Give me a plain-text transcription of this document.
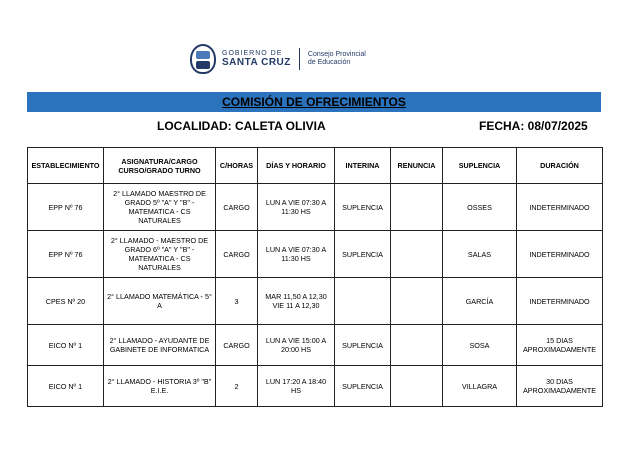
GOBIERNO DE
SANTA CRUZ
Consejo Provincial
de Educación
COMISIÓN DE OFRECIMIENTOS
LOCALIDAD: CALETA OLIVIA	FECHA: 08/07/2025
ESTABLECIMIENTO	ASIGNATURA/CARGO CURSO/GRADO TURNO	C/HORAS	DÍAS Y HORARIO	INTERINA	RENUNCIA	SUPLENCIA	DURACIÓN
EPP Nº 76	2° LLAMADO MAESTRO DE GRADO 5º "A" Y "B" - MATEMATICA - CS NATURALES	CARGO	LUN A VIE 07:30 A 11:30 HS	SUPLENCIA		OSSES	INDETERMINADO
EPP Nº 76	2° LLAMADO - MAESTRO DE GRADO 6º "A" Y "B" - MATEMATICA - CS NATURALES	CARGO	LUN A VIE 07:30 A 11:30 HS	SUPLENCIA		SALAS	INDETERMINADO
CPES Nº 20	2° LLAMADO MATEMÁTICA - 5° A	3	MAR 11,50 A 12,30 VIE 11 A 12,30			GARCÍA	INDETERMINADO
EICO Nº 1	2° LLAMADO - AYUDANTE DE GABINETE DE INFORMATICA	CARGO	LUN A VIE 15:00 A 20:00 HS	SUPLENCIA		SOSA	15 DIAS APROXIMADAMENTE
EICO Nº 1	2° LLAMADO - HISTORIA 3º "B" E.I.E.	2	LUN 17:20 A 18:40 HS	SUPLENCIA		VILLAGRA	30 DIAS APROXIMADAMENTE
